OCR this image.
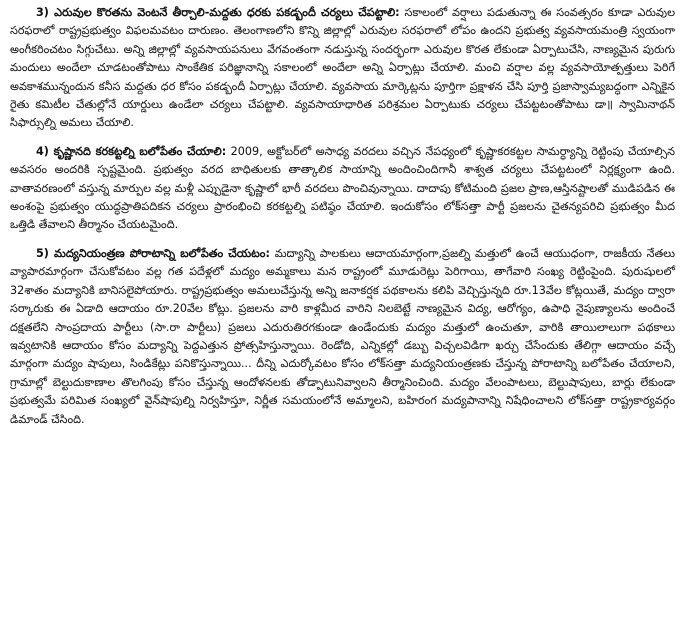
3) ఎరువుల కొరతను వెంటనే తీర్చాలి-మద్దతు ధరకు పకడ్బందీ చర్యలు చేపట్టాలి: సకాలంలో వర్షాలు పడుతున్నా ఈ సంవత్సరం కూడా ఎరువుల సరఫరాలో రాష్ట్రప్రభుత్వం విఫలమవటం దారుణం. తెలంగాణలోని కొన్ని జిల్లాల్లో ఎరువుల సరఫరాలో లోపం ఉందని ప్రభుత్వ వ్యవసాయమంత్రి స్వయంగా అంగీకరించటం సిగ్గుచేటు. అన్ని జిల్లాల్లో వ్యవసాయపనులు వేగవంతంగా నడుస్తున్న సందర్భంగా ఎరువుల కొరత లేకుండా ఏర్పాటుచేసి, నాణ్యమైన పురుగు మందులు అందేలా చూడటంతోపాటు సాంకేతిక పరిజ్ఞానాన్ని సకాలంలో అందేలా అన్ని ఏర్పాట్లు చేయాలి. మంచి వర్షాల వల్ల వ్యవసాయోత్పత్తులు పెరిగే అవకాశమున్నందున కనీస మద్దతు ధర కోసం పకడ్బందీ ఏర్పాట్లు చేయాలి. వ్యవసాయ మార్కెట్లను పూర్తిగా ప్రక్షాళన చేసి పూర్తి ప్రజాస్వామ్యబద్ధంగా ఎన్నికైన రైతు కమిటీల చేతుల్లోనే యార్డులు ఉండేలా చర్యలు చేపట్టాలి. వ్యవసాయాధారిత పరిశ్రమల ఏర్పాటుకు చర్యలు చేపట్టటంతోపాటు డా॥ స్వామినాథన్ సిఫార్సుల్ని అమలు చేయాలి.

4) కృష్ణానది కరకట్టల్ని బలోపేతం చేయాలి: 2009, అక్టోబర్‌లో అసాధ్య వరదలు వచ్చిన నేపధ్యంలో కృష్ణాకరకట్టల సామర్ధ్యాన్ని రెట్టింపు చేయాల్సిన అవసరం అందరికి స్పష్టమైంది. ప్రభుత్వం వరద బాధితులకు తాత్కాలిక సాయాన్ని అందించిందిగానీ శాశ్వత చర్యలు చేపట్టటంలో నిర్లక్ష్యంగా ఉంది. వాతావరణంలో వస్తున్న మార్పుల వల్ల మళ్లీ ఎప్పుడైనా కృష్ణాలో భారీ వరదలు పొంచివున్నాయి. దాదాపు కోటిమంది ప్రజల ప్రాణ,ఆస్తినష్టాలతో ముడిపడిన ఈ అంశంపై ప్రభుత్వం యుద్ధప్రాతిపదికన చర్యలు ప్రారంభించి కరకట్టల్ని పటిష్ఠం చేయాలి. ఇందుకోసం లోక్‌సత్తా పార్టీ ప్రజలను చైతన్యపరిచి ప్రభుత్వం మీద ఒత్తిడి తేవాలని తీర్మానం చేయటమైంది.

5) మద్యనియంత్రణ పోరాటాన్ని బలోపేతం చేయటం: మద్యాన్ని పాలకులు ఆదాయమార్గంగా,ప్రజల్ని మత్తులో ఉంచే ఆయుధంగా, రాజకీయ నేతలు వ్యాపారమార్గంగా చేసుకోవటం వల్ల గత పదేళ్లలో మద్యం అమ్మకాలు మన రాష్ట్రంలో మూడురెట్లు పెరిగాయి, తాగేవారి సంఖ్య రెట్టింపైంది. పురుషులలో 32శాతం మద్యానికి బానిసలైపోయారు. రాష్ట్రప్రభుత్వం అమలుచేస్తున్న అన్ని జనాకర్షక పథకాలను కలిపి వెచ్చిస్తున్నది రూ.13వేల కోట్లయితే, మద్యం ద్వారా సర్కారుకు ఈ ఏడాది ఆదాయం రూ.20వేల కోట్లు. ప్రజలను వారి కాళ్లమీద వారిని నిలబెట్టే నాణ్యమైన విద్య, ఆరోగ్యం, ఉపాధి నైపుణ్యాలను అందించే దక్షతలేని సాంప్రదాయ పార్టీలు (సా.రా పార్టీలు) ప్రజలు ఎదురుతిరగకుండా ఉండేందుకు మద్యం మత్తులో ఉంచుతూ, వారికి తాయిలాలుగా పథకాలు ఇవ్వటానికి ఆదాయం కోసం మద్యాన్ని పెద్దఎత్తున ప్రోత్సహిస్తున్నాయి. రెండోది, ఎన్నికల్లో డబ్బు విచ్చలవిడిగా ఖర్చు చేసేందుకు తేలిగ్గా ఆదాయం వచ్చే మార్గంగా మద్యం షాపులు, సిండికేట్లు పనికొస్తున్నాయి... దీన్ని ఎదుర్కోవటం కోసం లోక్‌సత్తా మద్యనియంత్రణకు చేస్తున్న పోరాటాన్ని బలోపేతం చేయాలని, గ్రామాల్లో బెల్టుదుకాణాల తొలగింపు కోసం చేస్తున్న ఆందోళనలకు తోడ్పాటునివ్వాలని తీర్మానించింది. మద్యం వేలంపాటలు, బెల్టుషాపులు, బార్లు లేకుండా ప్రభుత్వమే పరిమిత సంఖ్యలో వైన్‌షాపుల్ని నిర్వహిస్తూ, నిర్ణీత సమయంలోనే అమ్మాలని, బహిరంగ మద్యపానాన్ని నిషేధించాలని లోక్‌సత్తా రాష్ట్రకార్యవర్గం డిమాండ్ చేసింది.
